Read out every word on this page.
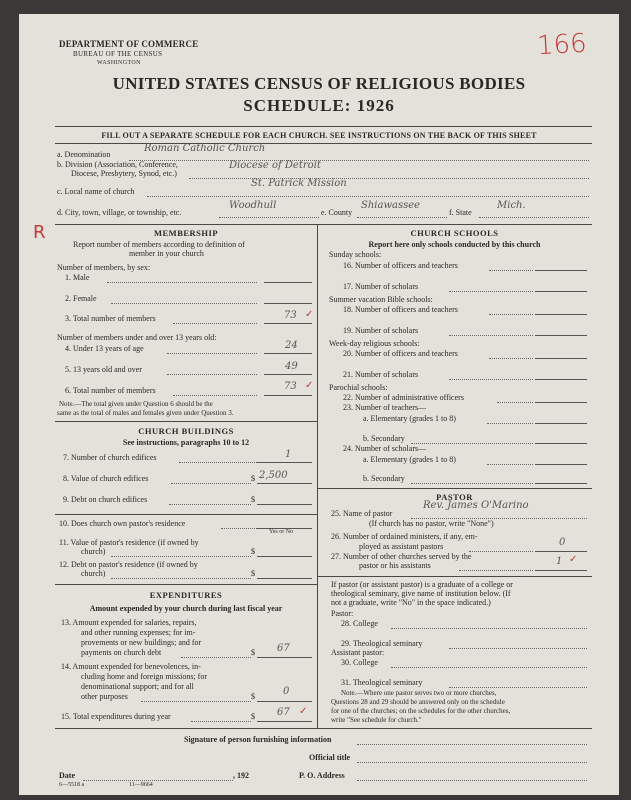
DEPARTMENT OF COMMERCE
BUREAU OF THE CENSUS
WASHINGTON
UNITED STATES CENSUS OF RELIGIOUS BODIES
SCHEDULE: 1926
166
R
FILL OUT A SEPARATE SCHEDULE FOR EACH CHURCH. SEE INSTRUCTIONS ON THE BACK OF THIS SHEET
a. Denomination
Roman Catholic Church
b. Division (Association, Conference,
Diocese, Presbytery, Synod, etc.)
Diocese of Detroit
c. Local name of church
St. Patrick Mission
d. City, town, village, or township, etc.
Woodhull
e. County
Shiawassee
f. State
Mich.
MEMBERSHIP
Report number of members according to definition of
member in your church
Number of members, by sex:
1. Male
2. Female
3. Total number of members	73 ✓
Number of members under and over 13 years old:
4. Under 13 years of age	24
5. 13 years old and over	49
6. Total number of members	73 ✓
Note.—The total given under Question 6 should be the
same as the total of males and females given under Question 3.
CHURCH BUILDINGS
See instructions, paragraphs 10 to 12
7. Number of church edifices	1
8. Value of church edifices	$ 2,500
9. Debt on church edifices	$
10. Does church own pastor's residence
Yes or No
11. Value of pastor's residence (if owned by
church)	$
12. Debt on pastor's residence (if owned by
church)	$
EXPENDITURES
Amount expended by your church during last fiscal year
13. Amount expended for salaries, repairs,
and other running expenses; for im-
provements or new buildings; and for
payments on church debt	$ 67
14. Amount expended for benevolences, in-
cluding home and foreign missions; for
denominational support; and for all
other purposes	$	0
15. Total expenditures during year	$ 67 ✓
CHURCH SCHOOLS
Report here only schools conducted by this church
Sunday schools:
16. Number of officers and teachers
17. Number of scholars
Summer vacation Bible schools:
18. Number of officers and teachers
19. Number of scholars
Week-day religious schools:
20. Number of officers and teachers
21. Number of scholars
Parochial schools:
22. Number of administrative officers
23. Number of teachers—
a. Elementary (grades 1 to 8)
b. Secondary
24. Number of scholars—
a. Elementary (grades 1 to 8)
b. Secondary
PASTOR
25. Name of pastor
Rev. James O'Marino
(If church has no pastor, write "None")
26. Number of ordained ministers, if any, em-
ployed as assistant pastors	0
27. Number of other churches served by the
pastor or his assistants	1 ✓
If pastor (or assistant pastor) is a graduate of a college or
theological seminary, give name of institution below. (If
not a graduate, write "No" in the space indicated.)
Pastor:
28. College
29. Theological seminary
Assistant pastor:
30. College
31. Theological seminary
Note.—Where one pastor serves two or more churches,
Questions 28 and 29 should be answered only on the schedule
for one of the churches; on the schedules for the other churches,
write "See schedule for church."
Signature of person furnishing information
Official title
Date	, 192	P. O. Address
6—5518 a	11—9664
